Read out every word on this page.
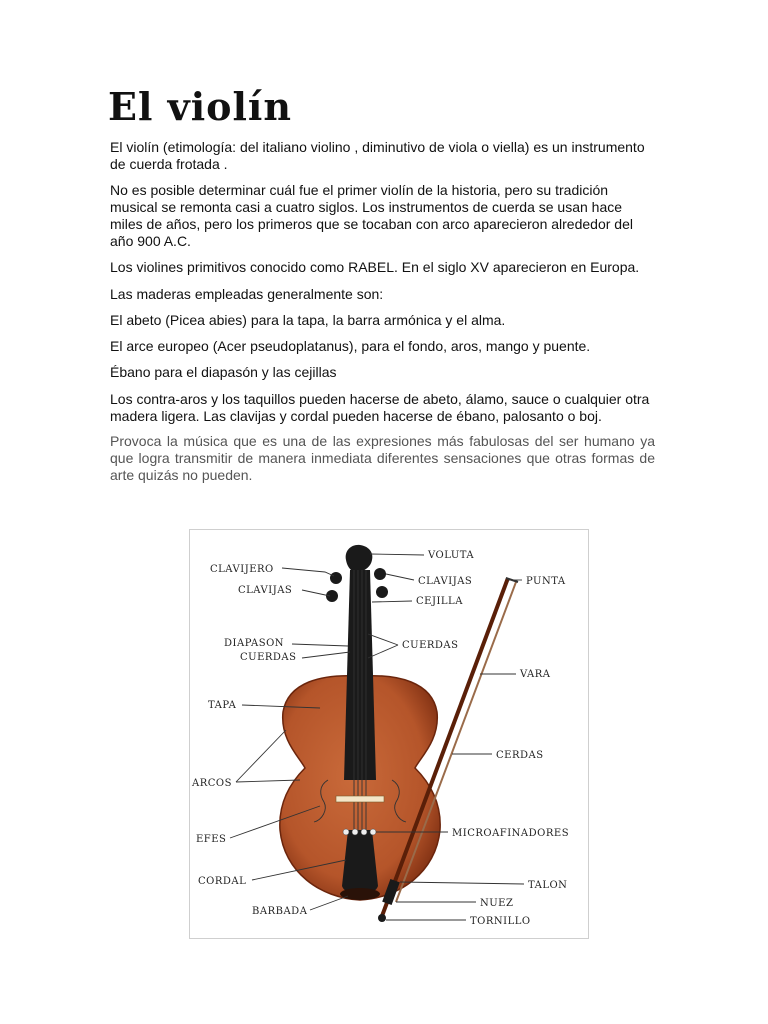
El violín

El violín (etimología: del italiano violino , diminutivo de viola o viella) es un instrumento de cuerda frotada .

No es posible determinar cuál fue el primer violín de la historia, pero su tradición musical se remonta casi a cuatro siglos. Los instrumentos de cuerda se usan hace miles de años, pero los primeros que se tocaban con arco aparecieron alrededor del año 900 A.C.

Los violines primitivos conocido como RABEL. En el siglo XV aparecieron en Europa.

Las maderas empleadas generalmente son:

El abeto (Picea abies) para la tapa, la barra armónica y el alma.

El arce europeo (Acer pseudoplatanus), para el fondo, aros, mango y puente.

Ébano para el diapasón y las cejillas

Los contra-aros y los taquillos pueden hacerse de abeto, álamo, sauce o cualquier otra madera ligera. Las clavijas y cordal pueden hacerse de ébano, palosanto o boj.

Provoca la música que es una de las expresiones más fabulosas del ser humano ya que logra transmitir de manera inmediata diferentes sensaciones que otras formas de arte quizás no pueden.

CLAVIJERO
CLAVIJAS
DIAPASON
CUERDAS
TAPA
ARCOS
EFES
CORDAL
BARBADA
VOLUTA
CLAVIJAS	PUNTA
CEJILLA
CUERDAS
VARA
CERDAS
MICROAFINADORES
TALON
NUEZ
TORNILLO
